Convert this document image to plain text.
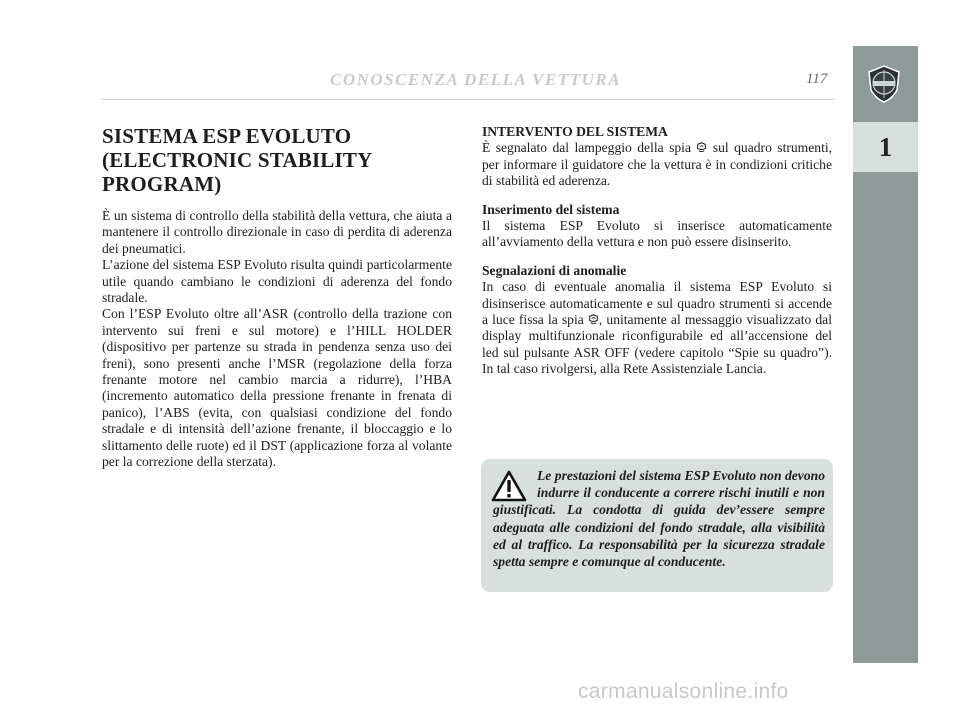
CONOSCENZA DELLA VETTURA	117
1
SISTEMA ESP EVOLUTO (ELECTRONIC STABILITY PROGRAM)

È un sistema di controllo della stabilità della vettura, che aiuta a mantenere il controllo direzionale in caso di perdita di aderenza dei pneumatici.

L’azione del sistema ESP Evoluto risulta quindi particolarmente utile quando cambiano le condizioni di aderenza del fondo stradale.

Con l’ESP Evoluto oltre all’ASR (controllo della trazione con intervento sui freni e sul motore) e l’HILL HOLDER (dispositivo per partenze su strada in pendenza senza uso dei freni), sono presenti anche l’MSR (regolazione della forza frenante motore nel cambio marcia a ridurre), l’HBA (incremento automatico della pressione frenante in frenata di panico), l’ABS (evita, con qualsiasi condizione del fondo stradale e di intensità dell’azione frenante, il bloccaggio e lo slittamento delle ruote) ed il DST (applicazione forza al volante per la correzione della sterzata).

INTERVENTO DEL SISTEMA

È segnalato dal lampeggio della spia sul quadro strumenti, per informare il guidatore che la vettura è in condizioni critiche di stabilità ed aderenza.

Inserimento del sistema

Il sistema ESP Evoluto si inserisce automaticamente all’avviamento della vettura e non può essere disinserito.

Segnalazioni di anomalie

In caso di eventuale anomalia il sistema ESP Evoluto si disinserisce automaticamente e sul quadro strumenti si accende a luce fissa la spia , unitamente al messaggio visualizzato dal display multifunzionale riconfigurabile ed all’accensione del led sul pulsante ASR OFF (vedere capitolo “Spie su quadro”). In tal caso rivolgersi, alla Rete Assistenziale Lancia.

Le prestazioni del sistema ESP Evoluto non devono indurre il conducente a correre rischi inutili e non giustificati. La condotta di guida dev’essere sempre adeguata alle condizioni del fondo stradale, alla visibilità ed al traffico. La responsabilità per la sicurezza stradale spetta sempre e comunque al conducente.

carmanualsonline.info
